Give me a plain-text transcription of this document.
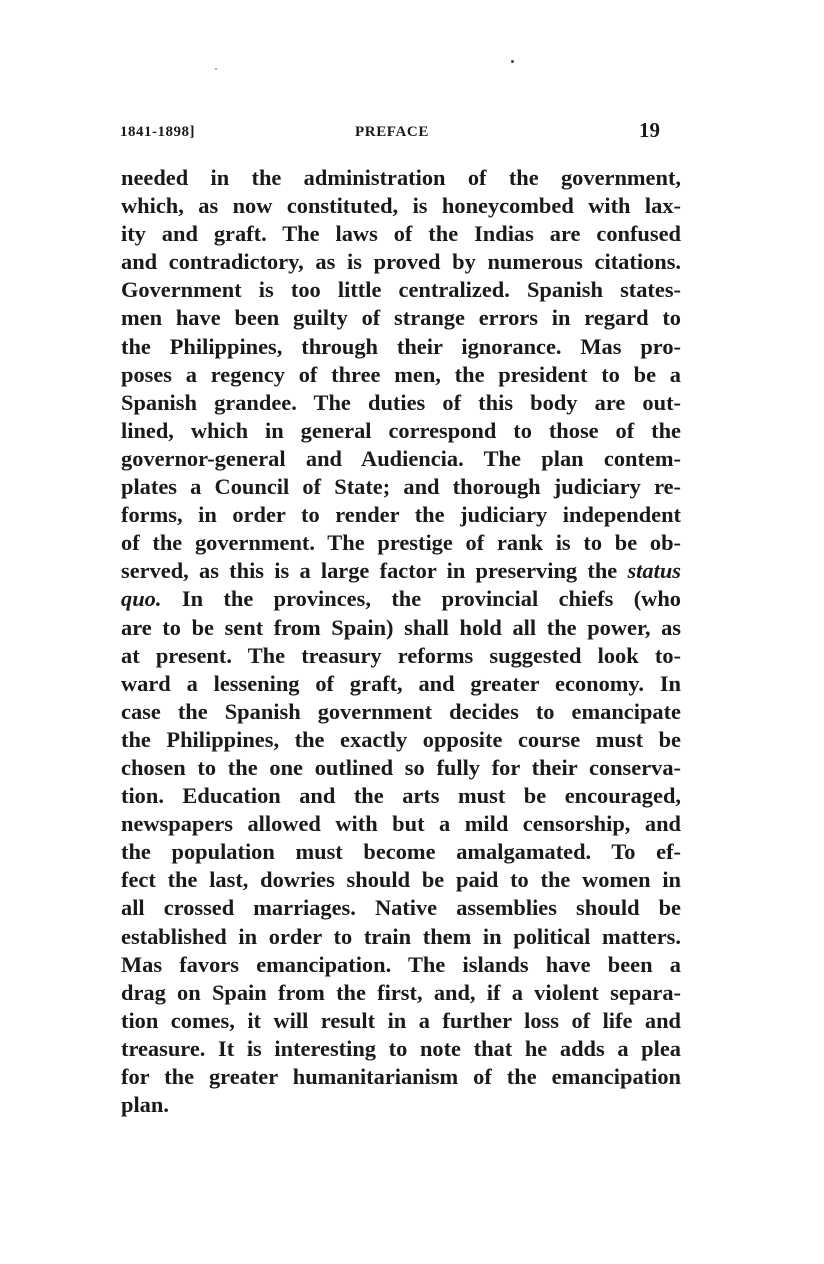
1841-1898]	PREFACE	19
needed in the administration of the government,
which, as now constituted, is honeycombed with lax-
ity and graft. The laws of the Indias are confused
and contradictory, as is proved by numerous citations.
Government is too little centralized. Spanish states-
men have been guilty of strange errors in regard to
the Philippines, through their ignorance. Mas pro-
poses a regency of three men, the president to be a
Spanish grandee. The duties of this body are out-
lined, which in general correspond to those of the
governor-general and Audiencia. The plan contem-
plates a Council of State; and thorough judiciary re-
forms, in order to render the judiciary independent
of the government. The prestige of rank is to be ob-
served, as this is a large factor in preserving the status
quo. In the provinces, the provincial chiefs (who
are to be sent from Spain) shall hold all the power, as
at present. The treasury reforms suggested look to-
ward a lessening of graft, and greater economy. In
case the Spanish government decides to emancipate
the Philippines, the exactly opposite course must be
chosen to the one outlined so fully for their conserva-
tion. Education and the arts must be encouraged,
newspapers allowed with but a mild censorship, and
the population must become amalgamated. To ef-
fect the last, dowries should be paid to the women in
all crossed marriages. Native assemblies should be
established in order to train them in political matters.
Mas favors emancipation. The islands have been a
drag on Spain from the first, and, if a violent separa-
tion comes, it will result in a further loss of life and
treasure. It is interesting to note that he adds a plea
for the greater humanitarianism of the emancipation
plan.
